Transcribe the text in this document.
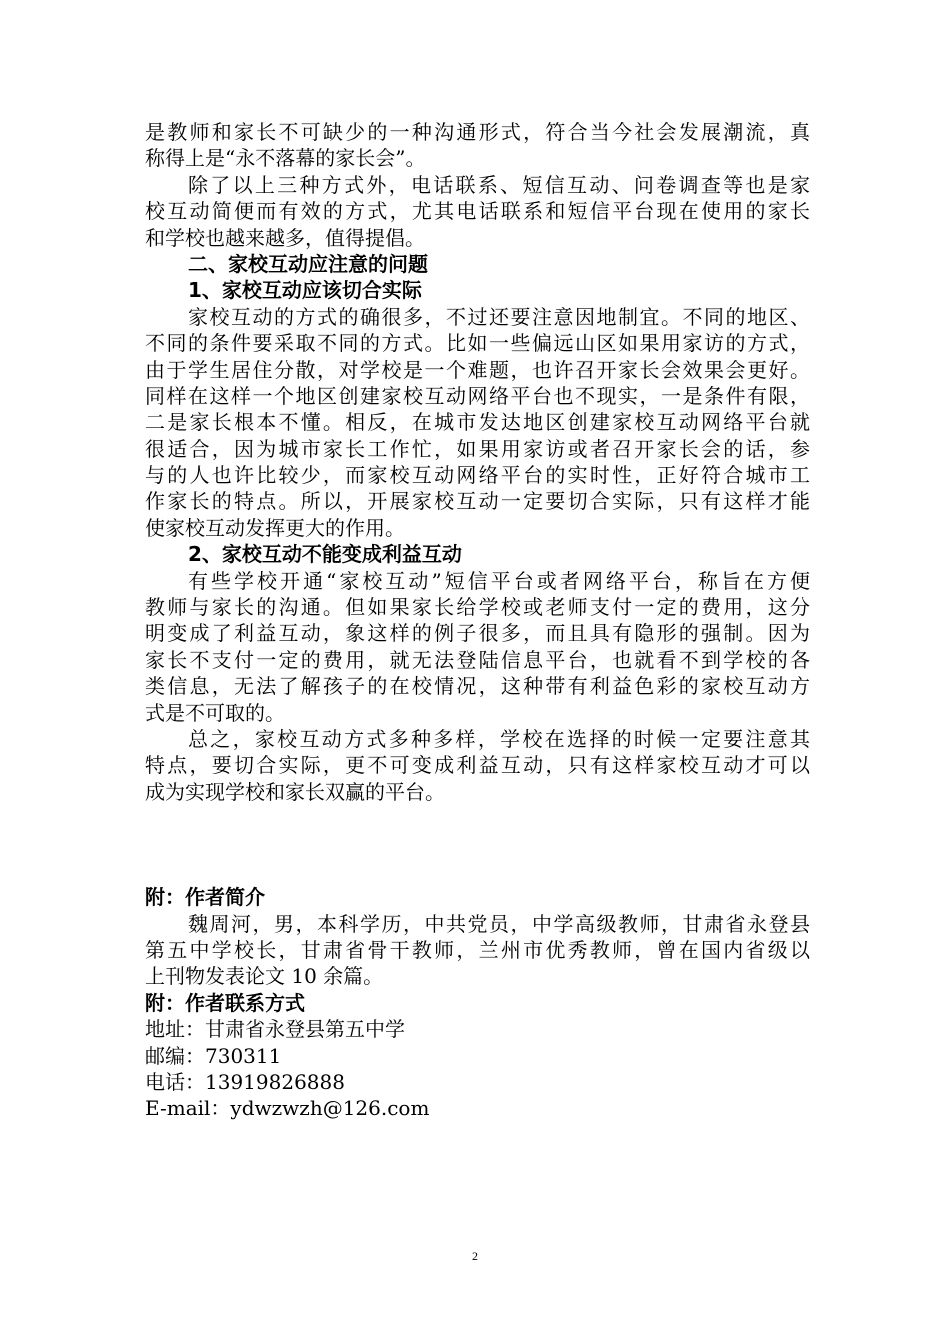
是教师和家长不可缺少的一种沟通形式，符合当今社会发展潮流，真
称得上是“永不落幕的家长会”。
除了以上三种方式外，电话联系、短信互动、问卷调查等也是家
校互动简便而有效的方式，尤其电话联系和短信平台现在使用的家长
和学校也越来越多，值得提倡。
二、家校互动应注意的问题
1、家校互动应该切合实际
家校互动的方式的确很多，不过还要注意因地制宜。不同的地区、
不同的条件要采取不同的方式。比如一些偏远山区如果用家访的方式，
由于学生居住分散，对学校是一个难题，也许召开家长会效果会更好。
同样在这样一个地区创建家校互动网络平台也不现实，一是条件有限，
二是家长根本不懂。相反，在城市发达地区创建家校互动网络平台就
很适合，因为城市家长工作忙，如果用家访或者召开家长会的话，参
与的人也许比较少，而家校互动网络平台的实时性，正好符合城市工
作家长的特点。所以，开展家校互动一定要切合实际，只有这样才能
使家校互动发挥更大的作用。
2、家校互动不能变成利益互动
有些学校开通“家校互动”短信平台或者网络平台，称旨在方便
教师与家长的沟通。但如果家长给学校或老师支付一定的费用，这分
明变成了利益互动，象这样的例子很多，而且具有隐形的强制。因为
家长不支付一定的费用，就无法登陆信息平台，也就看不到学校的各
类信息，无法了解孩子的在校情况，这种带有利益色彩的家校互动方
式是不可取的。
总之，家校互动方式多种多样，学校在选择的时候一定要注意其
特点，要切合实际，更不可变成利益互动，只有这样家校互动才可以
成为实现学校和家长双赢的平台。
附：作者简介
魏周河，男，本科学历，中共党员，中学高级教师，甘肃省永登县
第五中学校长，甘肃省骨干教师，兰州市优秀教师，曾在国内省级以
上刊物发表论文 10 余篇。
附：作者联系方式
地址：甘肃省永登县第五中学
邮编：730311
电话：13919826888
E-mail：ydwzwzh@126.com
2
